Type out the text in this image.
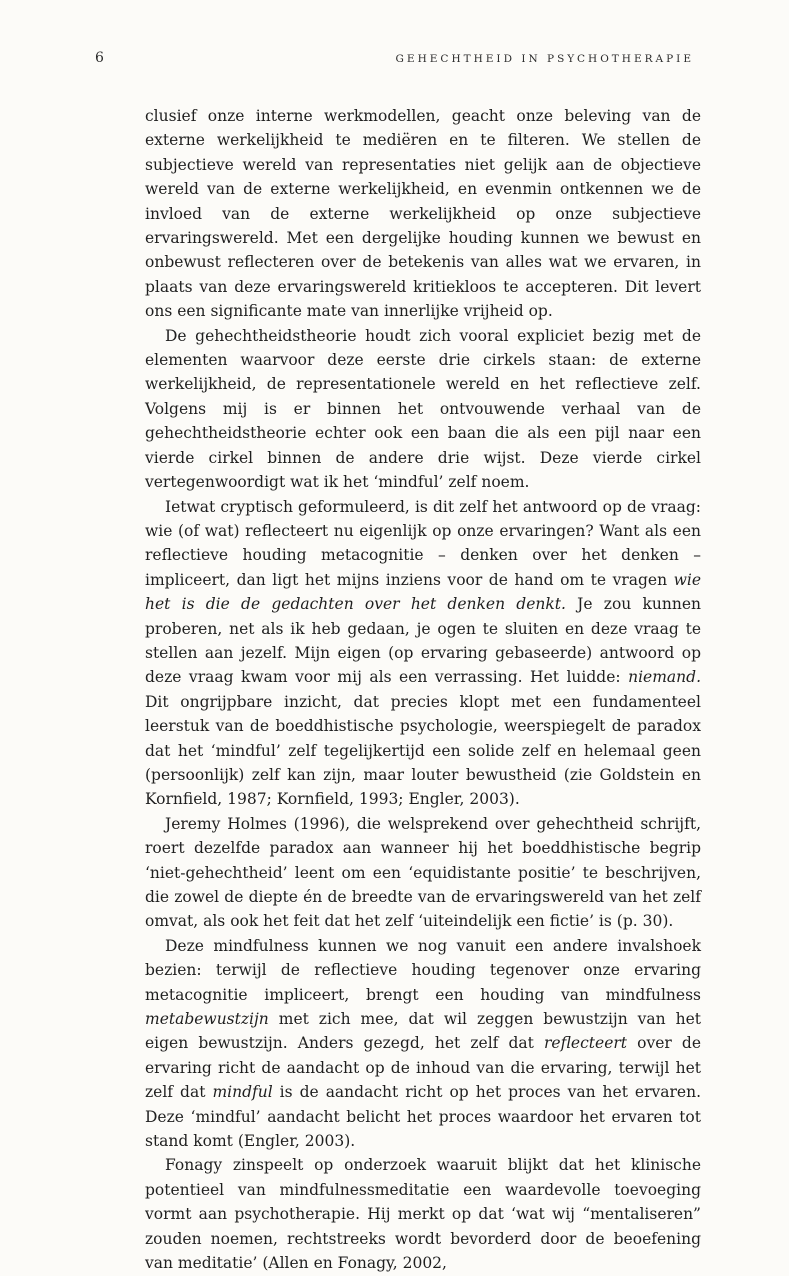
6	GEHECHTHEID IN PSYCHOTHERAPIE

clusief onze interne werkmodellen, geacht onze beleving van de externe werkelijkheid te mediëren en te filteren. We stellen de subjectieve wereld van representaties niet gelijk aan de objectieve wereld van de externe werkelijkheid, en evenmin ontkennen we de invloed van de externe werkelijkheid op onze subjectieve ervaringswereld. Met een dergelijke houding kunnen we bewust en onbewust reflecteren over de betekenis van alles wat we ervaren, in plaats van deze ervaringswereld kritiekloos te accepteren. Dit levert ons een significante mate van innerlijke vrijheid op.

De gehechtheidstheorie houdt zich vooral expliciet bezig met de elementen waarvoor deze eerste drie cirkels staan: de externe werkelijkheid, de representationele wereld en het reflectieve zelf. Volgens mij is er binnen het ontvouwende verhaal van de gehechtheidstheorie echter ook een baan die als een pijl naar een vierde cirkel binnen de andere drie wijst. Deze vierde cirkel vertegenwoordigt wat ik het ‘mindful’ zelf noem.

Ietwat cryptisch geformuleerd, is dit zelf het antwoord op de vraag: wie (of wat) reflecteert nu eigenlijk op onze ervaringen? Want als een reflectieve houding metacognitie – denken over het denken – impliceert, dan ligt het mijns inziens voor de hand om te vragen wie het is die de gedachten over het denken denkt. Je zou kunnen proberen, net als ik heb gedaan, je ogen te sluiten en deze vraag te stellen aan jezelf. Mijn eigen (op ervaring gebaseerde) antwoord op deze vraag kwam voor mij als een verrassing. Het luidde: niemand. Dit ongrijpbare inzicht, dat precies klopt met een fundamenteel leerstuk van de boeddhistische psychologie, weerspiegelt de paradox dat het ‘mindful’ zelf tegelijkertijd een solide zelf en helemaal geen (persoonlijk) zelf kan zijn, maar louter bewustheid (zie Goldstein en Kornfield, 1987; Kornfield, 1993; Engler, 2003).

Jeremy Holmes (1996), die welsprekend over gehechtheid schrijft, roert dezelfde paradox aan wanneer hij het boeddhistische begrip ‘niet-gehechtheid’ leent om een ‘equidistante positie’ te beschrijven, die zowel de diepte én de breedte van de ervaringswereld van het zelf omvat, als ook het feit dat het zelf ‘uiteindelijk een fictie’ is (p. 30).

Deze mindfulness kunnen we nog vanuit een andere invalshoek bezien: terwijl de reflectieve houding tegenover onze ervaring metacognitie impliceert, brengt een houding van mindfulness metabewustzijn met zich mee, dat wil zeggen bewustzijn van het eigen bewustzijn. Anders gezegd, het zelf dat reflecteert over de ervaring richt de aandacht op de inhoud van die ervaring, terwijl het zelf dat mindful is de aandacht richt op het proces van het ervaren. Deze ‘mindful’ aandacht belicht het proces waardoor het ervaren tot stand komt (Engler, 2003).

Fonagy zinspeelt op onderzoek waaruit blijkt dat het klinische potentieel van mindfulnessmeditatie een waardevolle toevoeging vormt aan psychotherapie. Hij merkt op dat ‘wat wij “mentaliseren” zouden noemen, rechtstreeks wordt bevorderd door de beoefening van meditatie’ (Allen en Fonagy, 2002,
